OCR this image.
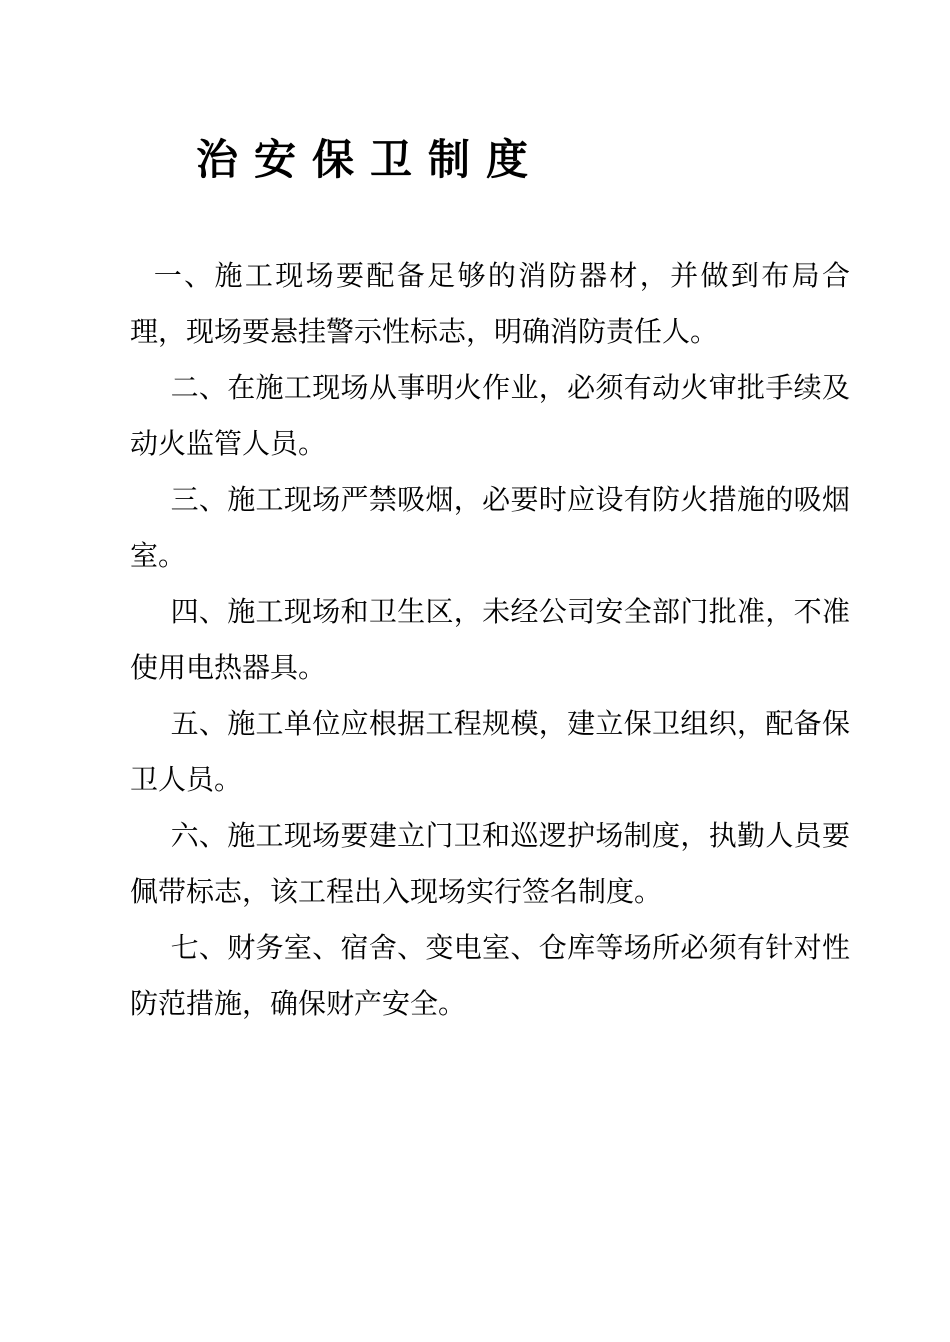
治安保卫制度

一、施工现场要配备足够的消防器材，并做到布局合理，现场要悬挂警示性标志，明确消防责任人。

二、在施工现场从事明火作业，必须有动火审批手续及动火监管人员。

三、施工现场严禁吸烟，必要时应设有防火措施的吸烟室。

四、施工现场和卫生区，未经公司安全部门批准，不准使用电热器具。

五、施工单位应根据工程规模，建立保卫组织，配备保卫人员。

六、施工现场要建立门卫和巡逻护场制度，执勤人员要佩带标志，该工程出入现场实行签名制度。

七、财务室、宿舍、变电室、仓库等场所必须有针对性防范措施，确保财产安全。
